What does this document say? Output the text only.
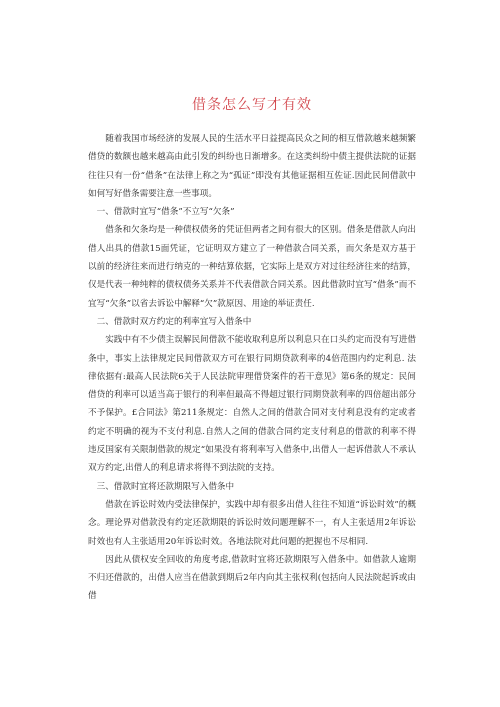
借条怎么写才有效

随着我国市场经济的发展人民的生活水平日益提高民众之间的相互借款越来越频繁借贷的数额也越来越高由此引发的纠纷也日渐增多。在这类纠纷中债主提供法院的证据往往只有一份“借条”在法律上称之为“孤证”即没有其他证据相互佐证.因此民间借款中如何写好借条需要注意一些事项。

一、借款时宜写“借条”不立写“欠条”

借条和欠条均是一种债权债务的凭证但两者之间有很大的区别。借条是借款人向出借人出具的借款15面凭证，它证明双方建立了一种借款合同关系，而欠条是双方基于以前的经济往来而进行纳克的一种结算依据，它实际上是双方对过往经济往来的结算，仅是代表一种纯粹的债权债务关系并不代表借款合同关系。因此借款时宜写“借条”而不宜写“欠条”以省去诉讼中解释“欠”款原因、用途的举证责任.

二、借款时双方约定的利率宜写入借条中

实践中有不少债主误解民间借款不能收取利息所以利息只在口头约定而没有写进借条中，事实上法律规定民间借款双方可在银行同期贷款利率的4倍范围内约定利息. 法律依据有:最高人民法院6关于人民法院审理借贷案件的若干意见》第6条的规定：民间借贷的利率可以适当高于银行的利率但最高不得超过银行同期贷款利率的四倍超出部分不予保护。£合同法》第211条规定：自然人之间的借款合同对支付利息没有约定或者约定不明确的视为不支付利息.自然人之间的借款合同约定支付利息的借款的利率不得违反国家有关限制借款的规定“如果没有将利率写入借条中,出借人一起诉借款人不承认双方约定,出借人的利息请求将得不到法院的支持。

三、借款时宜将还款期限写入借条中

借款在诉讼时效内受法律保护，实践中却有很多出借人往往不知道“诉讼时效”的概念。理论界对借款没有约定还款期限的诉讼时效问题理解不一，有人主张适用2年诉讼时效也有人主张适用20年诉讼时效。各地法院对此问题的把握也不尽相同.

因此从债权安全回收的角度考虑,借款时宜将还款期限写入借条中。如借款人逾期不归还借款的，出借人应当在借款到期后2年内向其主张权利(包括向人民法院起诉或由借
